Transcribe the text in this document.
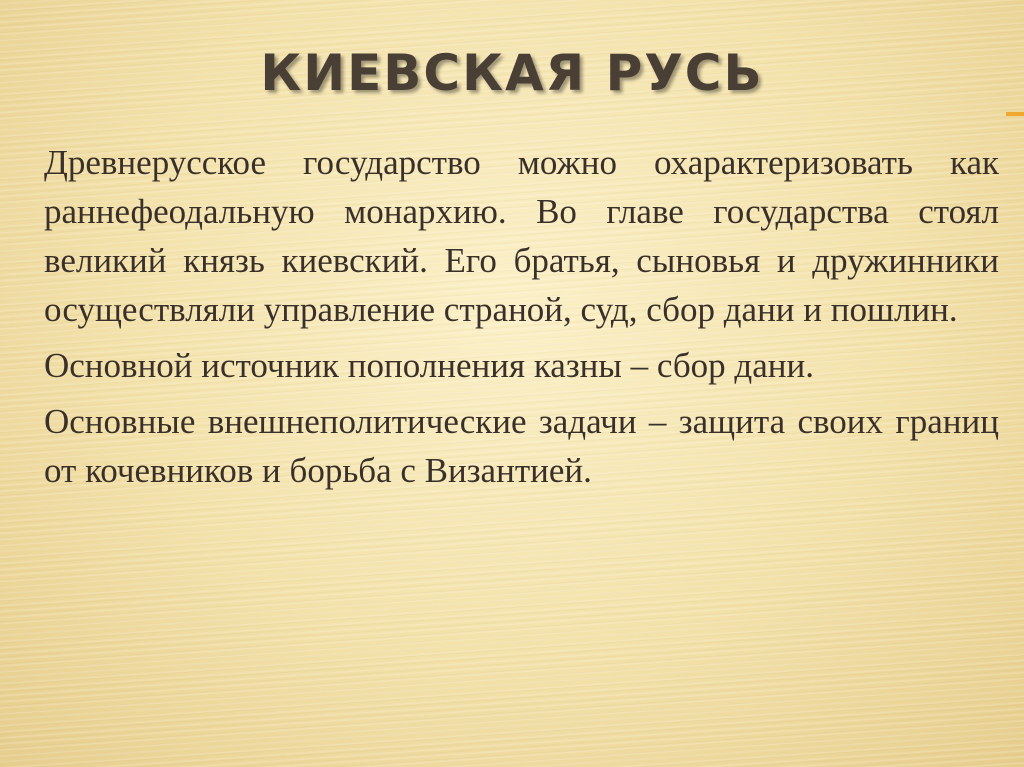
КИЕВСКАЯ РУСЬ

Древнерусское государство можно охарактеризовать как раннефеодальную монархию. Во главе государства стоял великий князь киевский. Его братья, сыновья и дружинники осуществляли управление страной, суд, сбор дани и пошлин.

Основной источник пополнения казны – сбор дани.

Основные внешнеполитические задачи – защита своих границ от кочевников и борьба с Византией.
